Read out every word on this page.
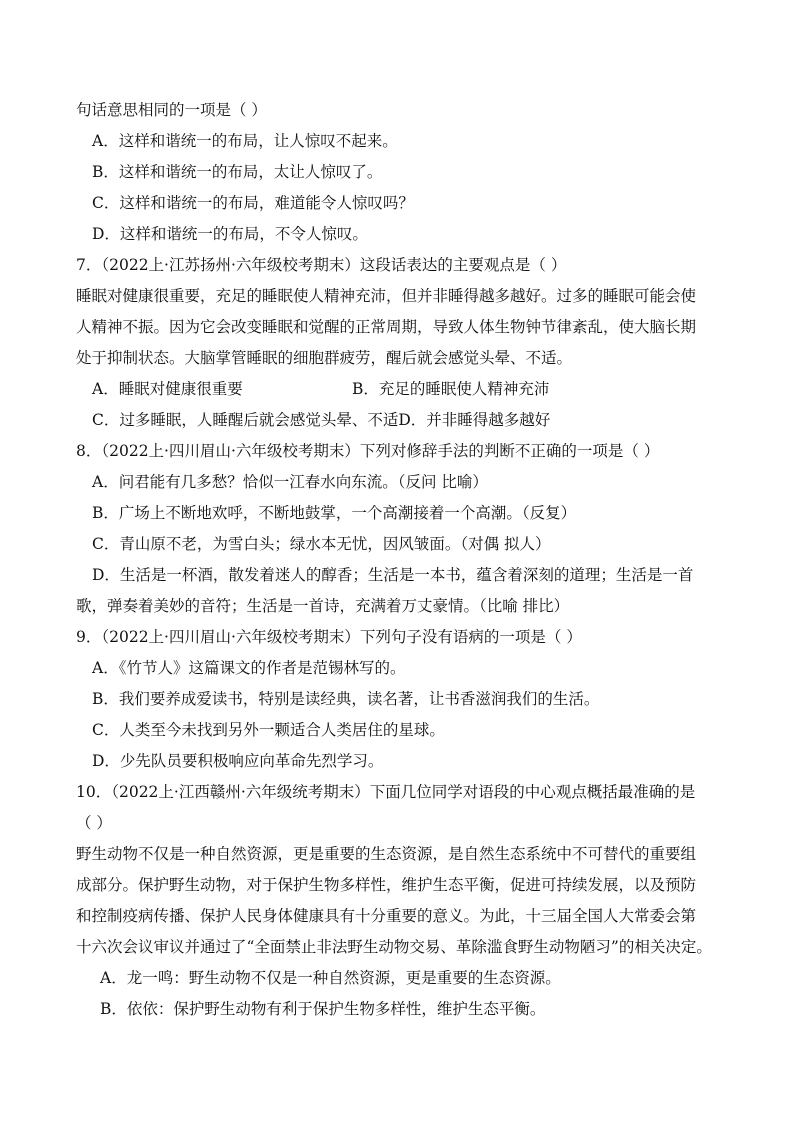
句话意思相同的一项是（ ）
A．这样和谐统一的布局，让人惊叹不起来。
B．这样和谐统一的布局，太让人惊叹了。
C．这样和谐统一的布局，难道能令人惊叹吗？
D．这样和谐统一的布局，不令人惊叹。
7．（2022上·江苏扬州·六年级校考期末）这段话表达的主要观点是（ ）
睡眠对健康很重要，充足的睡眠使人精神充沛，但并非睡得越多越好。过多的睡眠可能会使
人精神不振。因为它会改变睡眠和觉醒的正常周期，导致人体生物钟节律紊乱，使大脑长期
处于抑制状态。大脑掌管睡眠的细胞群疲劳，醒后就会感觉头晕、不适。
A．睡眠对健康很重要	B．充足的睡眠使人精神充沛
C．过多睡眠，人睡醒后就会感觉头晕、不适 D．并非睡得越多越好
8．（2022上·四川眉山·六年级校考期末）下列对修辞手法的判断不正确的一项是（ ）
A．问君能有几多愁？恰似一江春水向东流。（反问 比喻）
B．广场上不断地欢呼，不断地鼓掌，一个高潮接着一个高潮。（反复）
C．青山原不老，为雪白头；绿水本无忧，因风皱面。（对偶 拟人）
D．生活是一杯酒，散发着迷人的醇香；生活是一本书，蕴含着深刻的道理；生活是一首
歌，弹奏着美妙的音符；生活是一首诗，充满着万丈豪情。（比喻 排比）
9．（2022上·四川眉山·六年级校考期末）下列句子没有语病的一项是（ ）
A．《竹节人》这篇课文的作者是范锡林写的。
B．我们要养成爱读书，特别是读经典，读名著，让书香滋润我们的生活。
C．人类至今未找到另外一颗适合人类居住的星球。
D．少先队员要积极响应向革命先烈学习。
10．（2022上·江西赣州·六年级统考期末）下面几位同学对语段的中心观点概括最准确的是
（ ）
野生动物不仅是一种自然资源，更是重要的生态资源，是自然生态系统中不可替代的重要组
成部分。保护野生动物，对于保护生物多样性，维护生态平衡，促进可持续发展，以及预防
和控制疫病传播、保护人民身体健康具有十分重要的意义。为此，十三届全国人大常委会第
十六次会议审议并通过了“全面禁止非法野生动物交易、革除滥食野生动物陋习”的相关决定。
A．龙一鸣：野生动物不仅是一种自然资源，更是重要的生态资源。
B．依依：保护野生动物有利于保护生物多样性，维护生态平衡。
